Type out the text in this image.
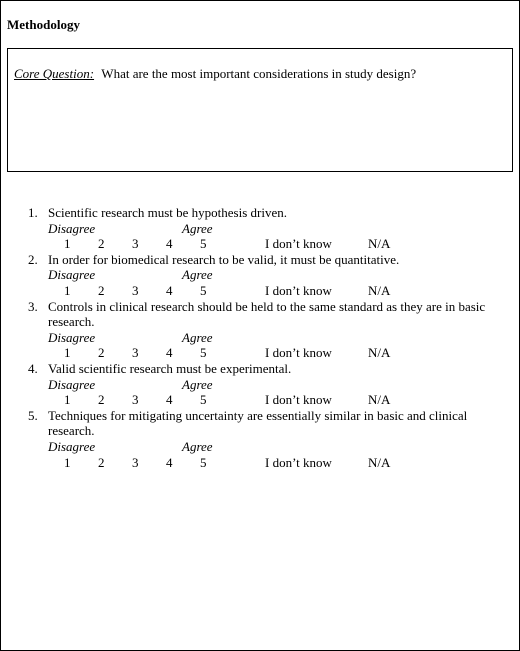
Methodology
Core Question: What are the most important considerations in study design?
1. Scientific research must be hypothesis driven.
Disagree	Agree
1 2 3 4 5	I don’t know	N/A
2. In order for biomedical research to be valid, it must be quantitative.
Disagree	Agree
1 2 3 4 5	I don’t know	N/A
3. Controls in clinical research should be held to the same standard as they are in basic research.
Disagree	Agree
1 2 3 4 5	I don’t know	N/A
4. Valid scientific research must be experimental.
Disagree	Agree
1 2 3 4 5	I don’t know	N/A
5. Techniques for mitigating uncertainty are essentially similar in basic and clinical research.
Disagree	Agree
1 2 3 4 5	I don’t know	N/A
